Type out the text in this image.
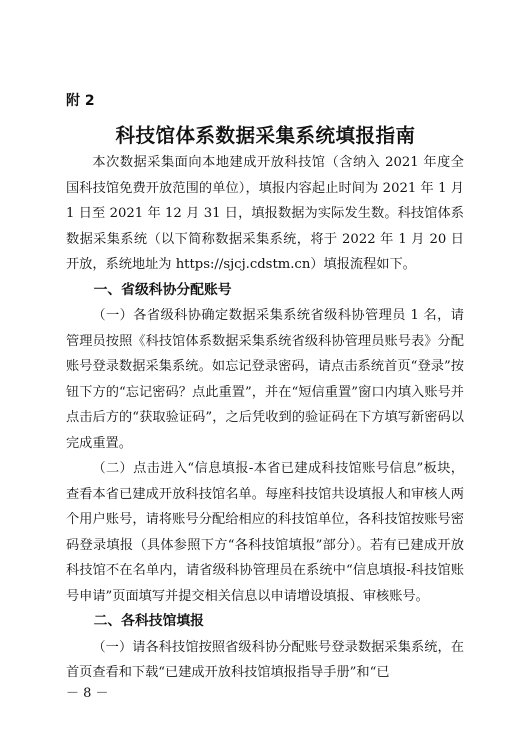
附 2
科技馆体系数据采集系统填报指南

本次数据采集面向本地建成开放科技馆（含纳入 2021 年度全国科技馆免费开放范围的单位），填报内容起止时间为 2021 年 1 月 1 日至 2021 年 12 月 31 日，填报数据为实际发生数。科技馆体系数据采集系统（以下简称数据采集系统，将于 2022 年 1 月 20 日开放，系统地址为 https://sjcj.cdstm.cn）填报流程如下。

一、省级科协分配账号

（一）各省级科协确定数据采集系统省级科协管理员 1 名，请管理员按照《科技馆体系数据采集系统省级科协管理员账号表》分配账号登录数据采集系统。如忘记登录密码，请点击系统首页“登录”按钮下方的“忘记密码？点此重置”，并在“短信重置”窗口内填入账号并点击后方的“获取验证码”，之后凭收到的验证码在下方填写新密码以完成重置。

（二）点击进入“信息填报-本省已建成科技馆账号信息”板块，查看本省已建成开放科技馆名单。每座科技馆共设填报人和审核人两个用户账号，请将账号分配给相应的科技馆单位，各科技馆按账号密码登录填报（具体参照下方“各科技馆填报”部分）。若有已建成开放科技馆不在名单内，请省级科协管理员在系统中“信息填报-科技馆账号申请”页面填写并提交相关信息以申请增设填报、审核账号。

二、各科技馆填报

（一）请各科技馆按照省级科协分配账号登录数据采集系统，在首页查看和下载“已建成开放科技馆填报指导手册”和“已

－ 8 －
